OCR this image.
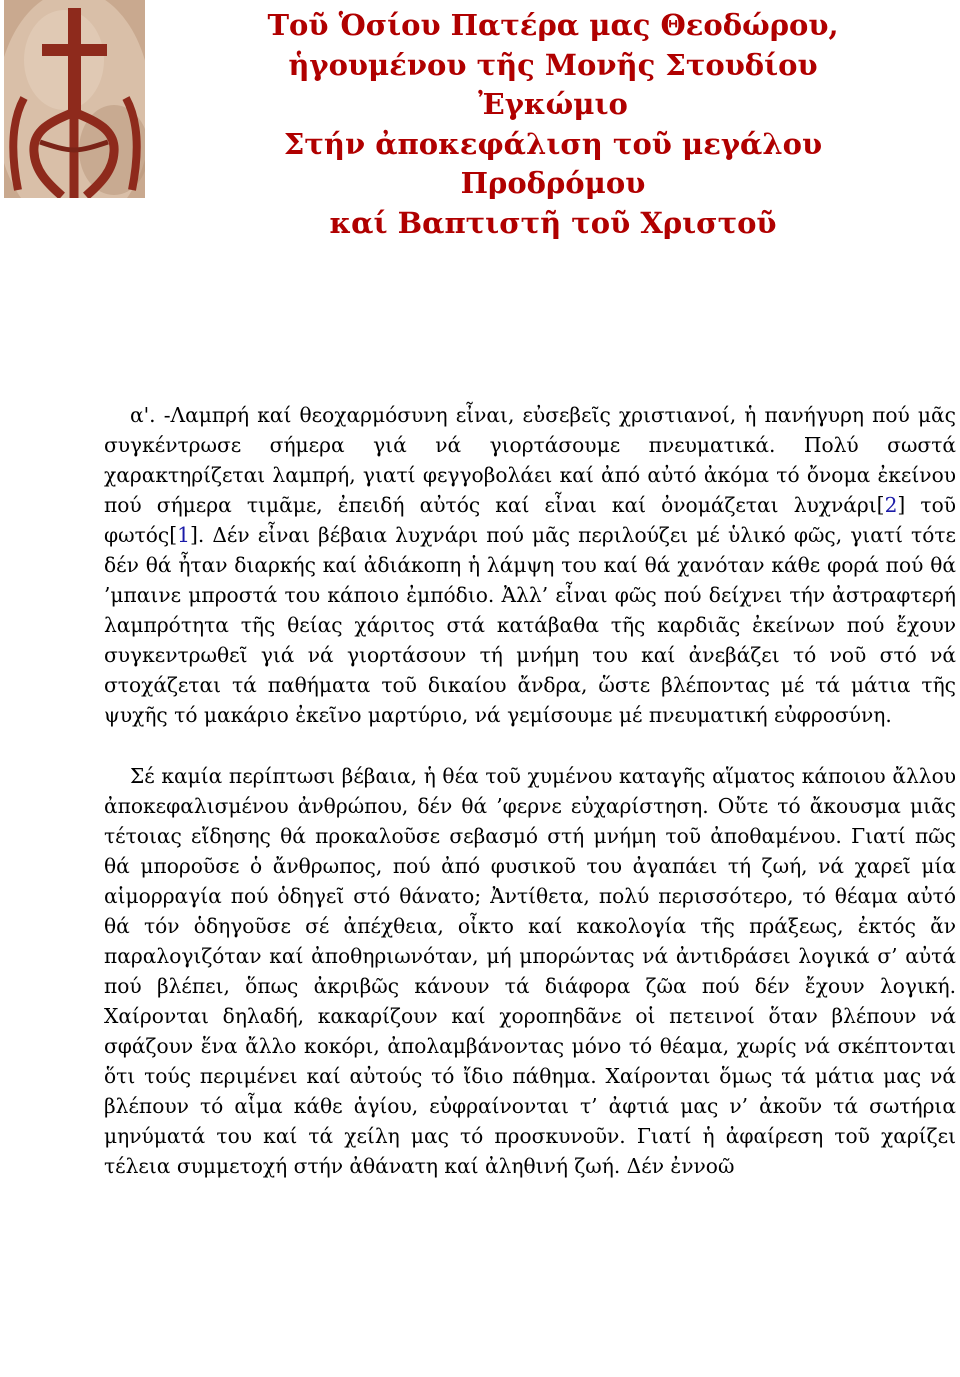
Τοῦ Ὁσίου Πατέρα μας Θεοδώρου,
ἡγουμένου τῆς Μονῆς Στουδίου
Ἐγκώμιο
Στήν ἀποκεφάλιση τοῦ μεγάλου
Προδρόμου
καί Βαπτιστῆ τοῦ Χριστοῦ

α'. -Λαμπρή καί θεοχαρμόσυνη εἶναι, εὐσεβεῖς χριστιανοί, ἡ πανήγυρη πού μᾶς συγκέντρωσε σήμερα γιά νά γιορτάσουμε πνευματικά. Πολύ σωστά χαρακτηρίζεται λαμπρή, γιατί φεγγοβολάει καί ἀπό αὐτό ἀκόμα τό ὄνομα ἐκείνου πού σήμερα τιμᾶμε, ἐπειδή αὐτός καί εἶναι καί ὀνομάζεται λυχνάρι[2] τοῦ φωτός[1]. Δέν εἶναι βέβαια λυχνάρι πού μᾶς περιλούζει μέ ὑλικό φῶς, γιατί τότε δέν θά ἦταν διαρκής καί ἀδιάκοπη ἡ λάμψη του καί θά χανόταν κάθε φορά πού θά ’μπαινε μπροστά του κάποιο ἐμπόδιο. Ἀλλ’ εἶναι φῶς πού δείχνει τήν ἀστραφτερή λαμπρότητα τῆς θείας χάριτος στά κατάβαθα τῆς καρδιᾶς ἐκείνων πού ἔχουν συγκεντρωθεῖ γιά νά γιορτάσουν τή μνήμη του καί ἀνεβάζει τό νοῦ στό νά στοχάζεται τά παθήματα τοῦ δικαίου ἄνδρα, ὥστε βλέποντας μέ τά μάτια τῆς ψυχῆς τό μακάριο ἐκεῖνο μαρτύριο, νά γεμίσουμε μέ πνευματική εὐφροσύνη.

Σέ καμία περίπτωσι βέβαια, ἡ θέα τοῦ χυμένου καταγῆς αἵματος κάποιου ἄλλου ἀποκεφαλισμένου ἀνθρώπου, δέν θά ’φερνε εὐχαρίστηση. Οὔτε τό ἄκουσμα μιᾶς τέτοιας εἴδησης θά προκαλοῦσε σεβασμό στή μνήμη τοῦ ἀποθαμένου. Γιατί πῶς θά μποροῦσε ὁ ἄνθρωπος, πού ἀπό φυσικοῦ του ἀγαπάει τή ζωή, νά χαρεῖ μία αἱμορραγία πού ὁδηγεῖ στό θάνατο; Ἀντίθετα, πολύ περισσότερο, τό θέαμα αὐτό θά τόν ὁδηγοῦσε σέ ἀπέχθεια, οἶκτο καί κακολογία τῆς πράξεως, ἐκτός ἄν παραλογιζόταν καί ἀποθηριωνόταν, μή μπορώντας νά ἀντιδράσει λογικά σ’ αὐτά πού βλέπει, ὅπως ἀκριβῶς κάνουν τά διάφορα ζῶα πού δέν ἔχουν λογική. Χαίρονται δηλαδή, κακαρίζουν καί χοροπηδᾶνε οἱ πετεινοί ὅταν βλέπουν νά σφάζουν ἕνα ἄλλο κοκόρι, ἀπολαμβάνοντας μόνο τό θέαμα, χωρίς νά σκέπτονται ὅτι τούς περιμένει καί αὐτούς τό ἴδιο πάθημα. Χαίρονται ὅμως τά μάτια μας νά βλέπουν τό αἷμα κάθε ἁγίου, εὐφραίνονται τ’ ἀφτιά μας ν’ ἀκοῦν τά σωτήρια μηνύματά του καί τά χείλη μας τό προσκυνοῦν. Γιατί ἡ ἀφαίρεση τοῦ χαρίζει τέλεια συμμετοχή στήν ἀθάνατη καί ἀληθινή ζωή. Δέν ἐννοῶ
